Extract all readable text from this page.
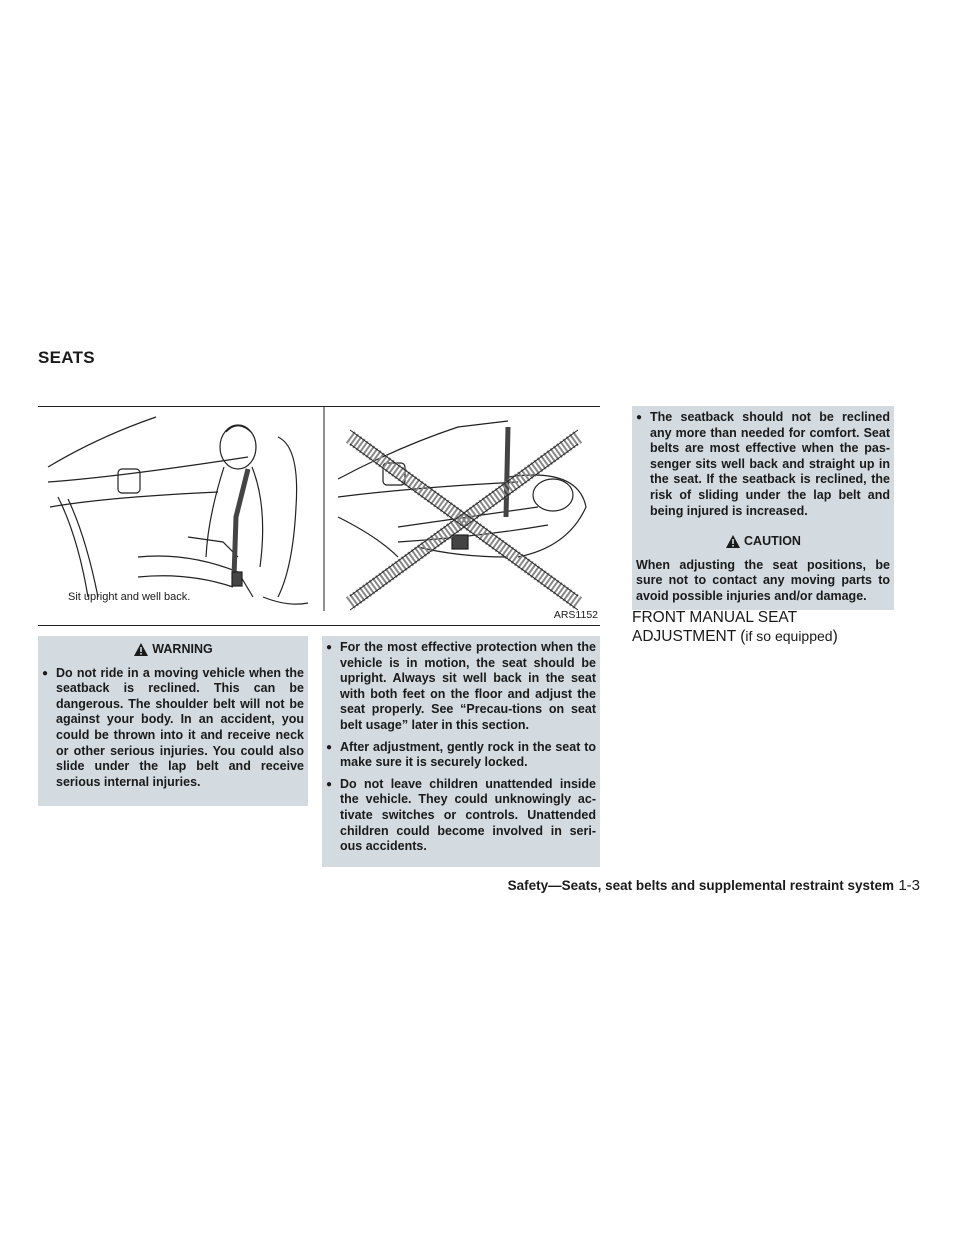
SEATS
ARS1152
Sit upright and well back.
WARNING
● Do not ride in a moving vehicle when the seatback is reclined. This can be dangerous. The shoulder belt will not be against your body. In an accident, you could be thrown into it and receive neck or other serious injuries. You could also slide under the lap belt and receive serious internal injuries.
● For the most effective protection when the vehicle is in motion, the seat should be upright. Always sit well back in the seat with both feet on the floor and adjust the seat properly. See “Precau-tions on seat belt usage” later in this section.
● After adjustment, gently rock in the seat to make sure it is securely locked.
● Do not leave children unattended inside the vehicle. They could unknowingly ac-tivate switches or controls. Unattended children could become involved in seri-ous accidents.
● The seatback should not be reclined any more than needed for comfort. Seat belts are most effective when the pas-senger sits well back and straight up in the seat. If the seatback is reclined, the risk of sliding under the lap belt and being injured is increased.
CAUTION
When adjusting the seat positions, be sure not to contact any moving parts to avoid possible injuries and/or damage.
FRONT MANUAL SEAT
ADJUSTMENT (if so equipped)
Safety—Seats, seat belts and supplemental restraint system 1-3
